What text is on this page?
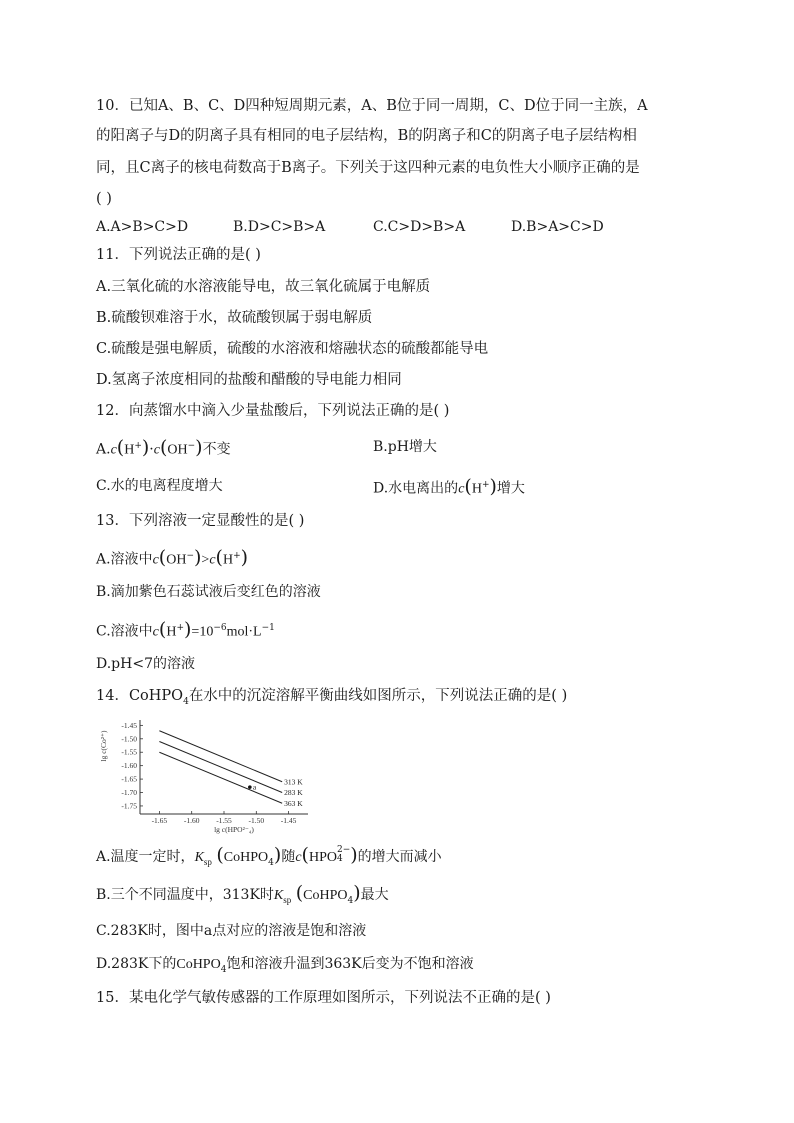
10．已知A、B、C、D四种短周期元素，A、B位于同一周期，C、D位于同一主族，A
的阳离子与D的阴离子具有相同的电子层结构，B的阴离子和C的阴离子电子层结构相
同，且C离子的核电荷数高于B离子。下列关于这四种元素的电负性大小顺序正确的是
( )
A.A>B>C>D	B.D>C>B>A	C.C>D>B>A	D.B>A>C>D
11．下列说法正确的是( )
A.三氧化硫的水溶液能导电，故三氧化硫属于电解质
B.硫酸钡难溶于水，故硫酸钡属于弱电解质
C.硫酸是强电解质，硫酸的水溶液和熔融状态的硫酸都能导电
D.氢离子浓度相同的盐酸和醋酸的导电能力相同
12．向蒸馏水中滴入少量盐酸后，下列说法正确的是( )
A.c(H+)·c(OH−)不变	B.pH增大
C.水的电离程度增大	D.水电离出的c(H+)增大
13．下列溶液一定显酸性的是( )
A.溶液中c(OH−)>c(H+)
B.滴加紫色石蕊试液后变红色的溶液
C.溶液中$c(H^+)=10^{-6}mol\cdot L^{-1}$
D.pH<7的溶液
14．CoHPO$_4$在水中的沉淀溶解平衡曲线如图所示，下列说法正确的是( )
-1.45
-1.50
-1.55
-1.60
-1.65
-1.70
-1.75
-1.65 -1.60 -1.55 -1.50 -1.45
lg c(HPO²⁻₄)
lg c(Co²⁺)
313 K
283 K
363 K
a
A.温度一定时，$K_{sp}$ (CoHPO$_4$)随c(HPO 2−
4 )的增大而减小
B.三个不同温度中，313K时$K_{sp}$ (CoHPO$_4$)最大
C.283K时，图中a点对应的溶液是饱和溶液
D.283K下的CoHPO$_4$饱和溶液升温到363K后变为不饱和溶液
15．某电化学气敏传感器的工作原理如图所示，下列说法不正确的是( )
